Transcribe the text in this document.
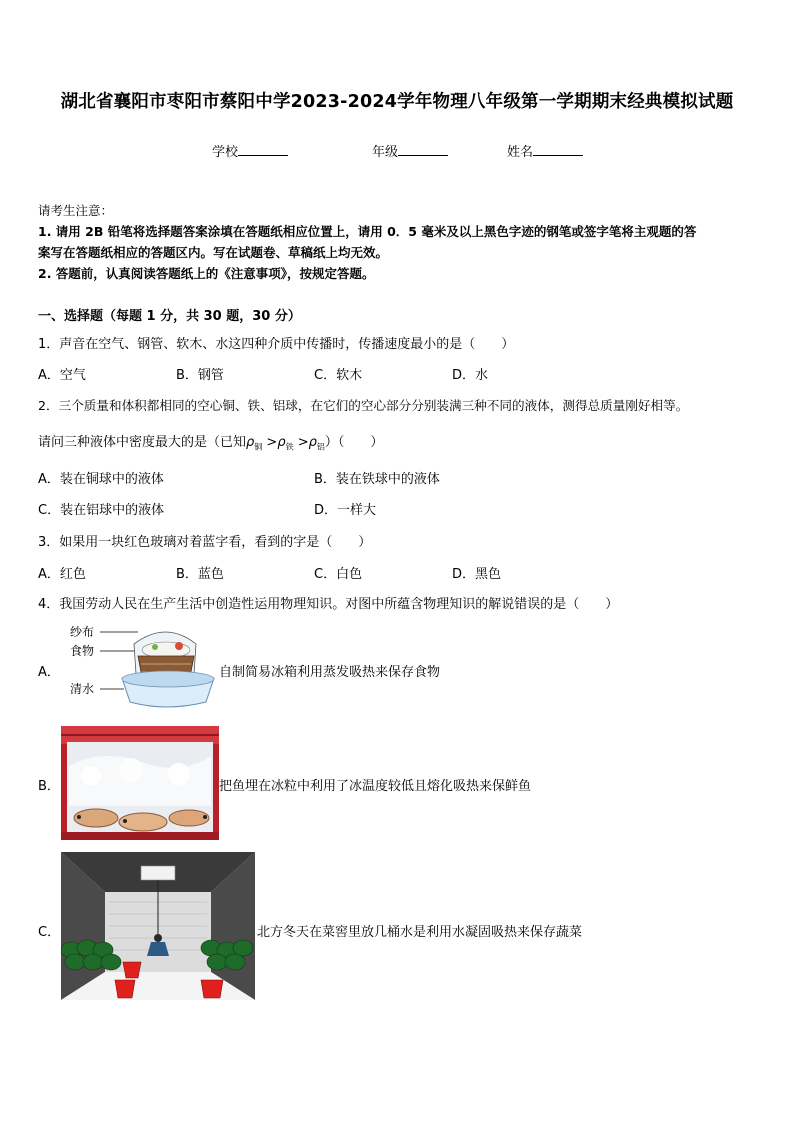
湖北省襄阳市枣阳市蔡阳中学2023-2024学年物理八年级第一学期期末经典模拟试题
学校	年级	姓名
请考生注意：
1. 请用 2B 铅笔将选择题答案涂填在答题纸相应位置上，请用 0．5 毫米及以上黑色字迹的钢笔或签字笔将主观题的答
案写在答题纸相应的答题区内。写在试题卷、草稿纸上均无效。
2. 答题前，认真阅读答题纸上的《注意事项》，按规定答题。
一、选择题（每题 1 分，共 30 题，30 分）
1．声音在空气、钢管、软木、水这四种介质中传播时，传播速度最小的是（　　）
A．空气	B．钢管	C．软木	D．水
2．三个质量和体积都相同的空心铜、铁、铝球，在它们的空心部分分别装满三种不同的液体，测得总质量刚好相等。
请问三种液体中密度最大的是（已知$\rho_铜 >\rho_铁 >\rho_铝$）（　　）
A．装在铜球中的液体	B．装在铁球中的液体
C．装在铝球中的液体	D．一样大
3．如果用一块红色玻璃对着蓝字看，看到的字是（　　）
A．红色	B．蓝色	C．白色	D．黑色
4．我国劳动人民在生产生活中创造性运用物理知识。对图中所蕴含物理知识的解说错误的是（　　）
A．
纱布
食物
清水
自制简易冰箱利用蒸发吸热来保存食物
B．	把鱼埋在冰粒中利用了冰温度较低且熔化吸热来保鲜鱼
C．	北方冬天在菜窖里放几桶水是利用水凝固吸热来保存蔬菜
